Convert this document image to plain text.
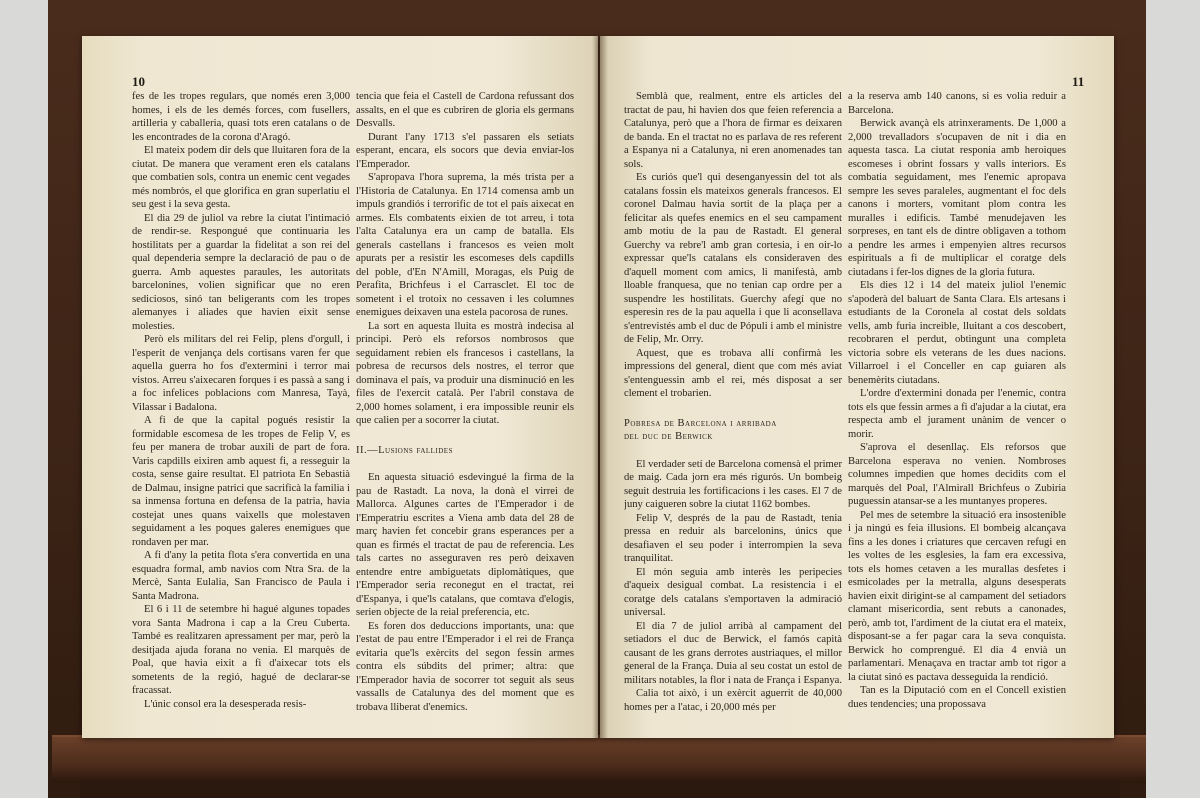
10

fes de les tropes regulars, que només eren 3,000 homes, i els de les demés forces, com fusellers, artilleria y caballeria, quasi tots eren catalans o de les encontrades de la corona d'Aragó.

El mateix podem dir dels que lluitaren fora de la ciutat. De manera que verament eren els catalans que combatien sols, contra un enemic cent vegades més nombrós, el que glorifica en gran superlatiu el seu gest i la seva gesta.

El dia 29 de juliol va rebre la ciutat l'intimació de rendir-se. Respongué que continuaria les hostilitats per a guardar la fidelitat a son rei del qual dependeria sempre la declaració de pau o de guerra. Amb aquestes paraules, les autoritats barcelonines, volien significar que no eren sediciosos, sinó tan beligerants com les tropes alemanyes i aliades que havien eixit sense molesties.

Però els militars del rei Felip, plens d'orgull, i l'esperit de venjança dels cortisans varen fer que aquella guerra ho fos d'extermini i terror mai vistos. Arreu s'aixecaren forques i es passà a sang i a foc infelices poblacions com Manresa, Tayà, Vilassar i Badalona.

A fi de que la capital pogués resistir la formidable escomesa de les tropes de Felip V, es feu per manera de trobar auxili de part de fora. Varis capdills eixiren amb aquest fi, a resseguir la costa, sense gaire resultat. El patriota En Sebastià de Dalmau, insigne patrici que sacrificà la familia i sa inmensa fortuna en defensa de la patria, havia costejat unes quans vaixells que molestaven seguidament a les poques galeres enemigues que rondaven per mar.

A fi d'any la petita flota s'era convertida en una esquadra formal, amb navios com Ntra Sra. de la Mercè, Santa Eulalia, San Francisco de Paula i Santa Madrona.

El 6 i 11 de setembre hi hagué algunes topades vora Santa Madrona i cap a la Creu Cuberta. També es realitzaren apressament per mar, però la desitjada ajuda forana no venia. El marquès de Poal, que havia eixit a fi d'aixecar tots els sometents de la regió, hagué de declarar-se fracassat.

L'únic consol era la desesperada resis-

tencia que feia el Castell de Cardona refussant dos assalts, en el que es cubriren de gloria els germans Desvalls.

Durant l'any 1713 s'el passaren els setiats esperant, encara, els socors que devia enviar-los l'Emperador.

S'apropava l'hora suprema, la més trista per a l'Historia de Catalunya. En 1714 comensa amb un impuls grandiós i terrorific de tot el país aixecat en armes. Els combatents eixien de tot arreu, i tota l'alta Catalunya era un camp de batalla. Els generals castellans i francesos es veien molt apurats per a resistir les escomeses dels capdills del poble, d'En N'Amill, Moragas, els Puig de Perafita, Brichfeus i el Carrasclet. El toc de sometent i el trotoix no cessaven i les columnes enemigues deixaven una estela pacorosa de runes.

La sort en aquesta lluita es mostrà indecisa al principi. Però els reforsos nombrosos que seguidament rebien els francesos i castellans, la pobresa de recursos dels nostres, el terror que dominava el país, va produir una disminució en les files de l'exercit català. Per l'abril constava de 2,000 homes solament, i era impossible reunir els que calien per a socorrer la ciutat.

II.—Lusions fallides

En aquesta situació esdevingué la firma de la pau de Rastadt. La nova, la donà el virrei de Mallorca. Algunes cartes de l'Emperador i de l'Emperatriu escrites a Viena amb data del 28 de març havien fet concebir grans esperances per a quan es firmés el tractat de pau de referencia. Les tals cartes no asseguraven res però deixaven entendre entre ambiguetats diplomàtiques, que l'Emperador seria reconegut en el tractat, rei d'Espanya, i que'ls catalans, que comtava d'elogis, serien objecte de la reial preferencia, etc.

Es foren dos deduccions importants, una: que l'estat de pau entre l'Emperador i el rei de França evitaria que'ls exèrcits del segon fessin armes contra els súbdits del primer; altra: que l'Emperador havia de socorrer tot seguit als seus vassalls de Catalunya des del moment que es trobava lliberat d'enemics.

11

Semblà que, realment, entre els articles del tractat de pau, hi havien dos que feien referencia a Catalunya, però que a l'hora de firmar es deixaren de banda. En el tractat no es parlava de res referent a Espanya ni a Catalunya, ni eren anomenades tan sols.

Es curiós que'l qui desenganyessin del tot als catalans fossin els mateixos generals francesos. El coronel Dalmau havia sortit de la plaça per a felicitar als quefes enemics en el seu campament amb motiu de la pau de Rastadt. El general Guerchy va rebre'l amb gran cortesia, i en oir-lo expressar que'ls catalans els consideraven des d'aquell moment com amics, li manifestà, amb lloable franquesa, que no tenian cap ordre per a suspendre les hostilitats. Guerchy afegí que no esperesin res de la pau aquella i que li aconsellava s'entrevistés amb el duc de Pópuli i amb el ministre de Felip, Mr. Orry.

Aquest, que es trobava allí confirmà les impressions del general, dient que com més aviat s'entenguessin amb el rei, més disposat a ser clement el trobarien.

Pobresa de Barcelona i arribada
del duc de Berwick

El verdader setí de Barcelona comensà el primer de maig. Cada jorn era més rigurós. Un bombeig seguit destruia les fortificacions i les cases. El 7 de juny caigueren sobre la ciutat 1162 bombes.

Felip V, després de la pau de Rastadt, tenia pressa en reduir als barcelonins, únics que desafiaven el seu poder i interrompien la seva tranquilitat.

El món seguia amb interès les peripecies d'aqueix desigual combat. La resistencia i el coratge dels catalans s'emportaven la admiració universal.

El dia 7 de juliol arribà al campament del setiadors el duc de Berwick, el famós capità causant de les grans derrotes austriaques, el millor general de la França. Duia al seu costat un estol de militars notables, la flor i nata de França i Espanya.

Calia tot això, i un exèrcit aguerrit de 40,000 homes per a l'atac, i 20,000 més per

a la reserva amb 140 canons, si es volia reduir a Barcelona.

Berwick avançà els atrinxeraments. De 1,000 a 2,000 trevalladors s'ocupaven de nit i dia en aquesta tasca. La ciutat responia amb heroiques escomeses i obrint fossars y valls interiors. Es combatia seguidament, mes l'enemic apropava sempre les seves paraleles, augmentant el foc dels canons i morters, vomitant plom contra les muralles i edificis. També menudejaven les sorpreses, en tant els de dintre obligaven a tothom a pendre les armes i empenyien altres recursos espirituals a fi de multiplicar el coratge dels ciutadans i fer-los dignes de la gloria futura.

Els dies 12 i 14 del mateix juliol l'enemic s'apoderà del baluart de Santa Clara. Els artesans i estudiants de la Coronela al costat dels soldats vells, amb furia increible, lluitant a cos descobert, recobraren el perdut, obtingunt una completa victoria sobre els veterans de les dues nacions. Villarroel i el Conceller en cap guiaren als benemèrits ciutadans.

L'ordre d'extermini donada per l'enemic, contra tots els que fessin armes a fi d'ajudar a la ciutat, era respecta amb el jurament unànim de vencer o morir.

S'aprova el desenllaç. Els reforsos que Barcelona esperava no venien. Nombroses columnes impedien que homes decidits com el marquès del Poal, l'Almirall Brichfeus o Zubiria puguessin atansar-se a les muntanyes properes.

Pel mes de setembre la situació era insostenible i ja ningú es feia illusions. El bombeig alcançava fins a les dones i criatures que cercaven refugi en les voltes de les esglesies, la fam era excessiva, tots els homes cetaven a les murallas desfetes i esmicolades per la metralla, alguns desesperats havien eixit dirigint-se al campament del setiadors clamant misericordia, sent rebuts a canonades, però, amb tot, l'ardiment de la ciutat era el mateix, disposant-se a fer pagar cara la seva conquista. Berwick ho comprengué. El dia 4 envià un parlamentari. Menaçava en tractar amb tot rigor a la ciutat sinó es pactava desseguida la rendició.

Tan es la Diputació com en el Concell existien dues tendencies; una propossava
